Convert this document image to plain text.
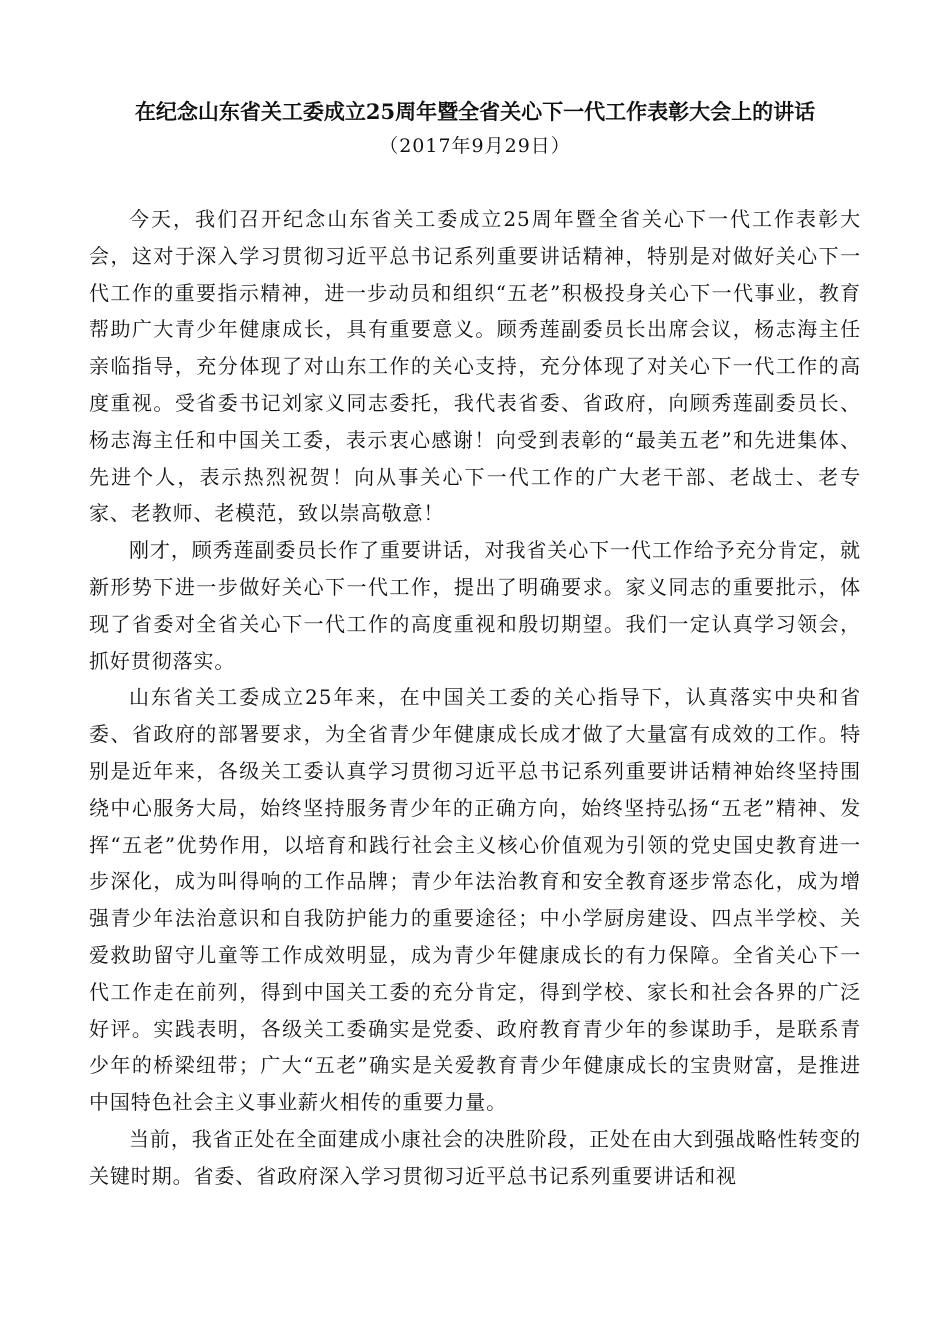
在纪念山东省关工委成立25周年暨全省关心下一代工作表彰大会上的讲话
（2017年9月29日）

今天，我们召开纪念山东省关工委成立25周年暨全省关心下一代工作表彰大会，这对于深入学习贯彻习近平总书记系列重要讲话精神，特别是对做好关心下一代工作的重要指示精神，进一步动员和组织“五老”积极投身关心下一代事业，教育帮助广大青少年健康成长，具有重要意义。顾秀莲副委员长出席会议，杨志海主任亲临指导，充分体现了对山东工作的关心支持，充分体现了对关心下一代工作的高度重视。受省委书记刘家义同志委托，我代表省委、省政府，向顾秀莲副委员长、杨志海主任和中国关工委，表示衷心感谢！向受到表彰的“最美五老”和先进集体、先进个人，表示热烈祝贺！向从事关心下一代工作的广大老干部、老战士、老专家、老教师、老模范，致以崇高敬意！

刚才，顾秀莲副委员长作了重要讲话，对我省关心下一代工作给予充分肯定，就新形势下进一步做好关心下一代工作，提出了明确要求。家义同志的重要批示，体现了省委对全省关心下一代工作的高度重视和殷切期望。我们一定认真学习领会，抓好贯彻落实。

山东省关工委成立25年来，在中国关工委的关心指导下，认真落实中央和省委、省政府的部署要求，为全省青少年健康成长成才做了大量富有成效的工作。特别是近年来，各级关工委认真学习贯彻习近平总书记系列重要讲话精神始终坚持围绕中心服务大局，始终坚持服务青少年的正确方向，始终坚持弘扬“五老”精神、发挥“五老”优势作用，以培育和践行社会主义核心价值观为引领的党史国史教育进一步深化，成为叫得响的工作品牌；青少年法治教育和安全教育逐步常态化，成为增强青少年法治意识和自我防护能力的重要途径；中小学厨房建设、四点半学校、关爱救助留守儿童等工作成效明显，成为青少年健康成长的有力保障。全省关心下一代工作走在前列，得到中国关工委的充分肯定，得到学校、家长和社会各界的广泛好评。实践表明，各级关工委确实是党委、政府教育青少年的参谋助手，是联系青少年的桥梁纽带；广大“五老”确实是关爱教育青少年健康成长的宝贵财富，是推进中国特色社会主义事业薪火相传的重要力量。

当前，我省正处在全面建成小康社会的决胜阶段，正处在由大到强战略性转变的关键时期。省委、省政府深入学习贯彻习近平总书记系列重要讲话和视
